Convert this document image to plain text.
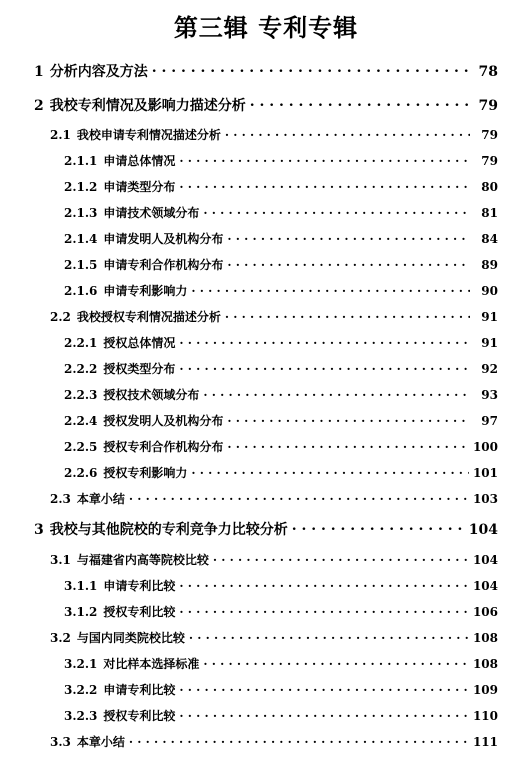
第三辑 专利专辑
1 分析内容及方法 . . .	78
2 我校专利情况及影响力描述分析 . . .	79
2.1 我校申请专利情况描述分析 . . .	79
2.1.1 申请总体情况 . . .	79
2.1.2 申请类型分布 . . .	80
2.1.3 申请技术领域分布 . . .	81
2.1.4 申请发明人及机构分布 . . .	84
2.1.5 申请专利合作机构分布 . . .	89
2.1.6 申请专利影响力 . . .	90
2.2 我校授权专利情况描述分析 . . .	91
2.2.1 授权总体情况 . . .	91
2.2.2 授权类型分布 . . .	92
2.2.3 授权技术领域分布 . . .	93
2.2.4 授权发明人及机构分布 . . .	97
2.2.5 授权专利合作机构分布 . . .	100
2.2.6 授权专利影响力 . . .	101
2.3 本章小结 . . .	103
3 我校与其他院校的专利竞争力比较分析 . . .	104
3.1 与福建省内高等院校比较 . . .	104
3.1.1 申请专利比较 . . .	104
3.1.2 授权专利比较 . . .	106
3.2 与国内同类院校比较 . . .	108
3.2.1 对比样本选择标准 . . .	108
3.2.2 申请专利比较 . . .	109
3.2.3 授权专利比较 . . .	110
3.3 本章小结 . . .	111
